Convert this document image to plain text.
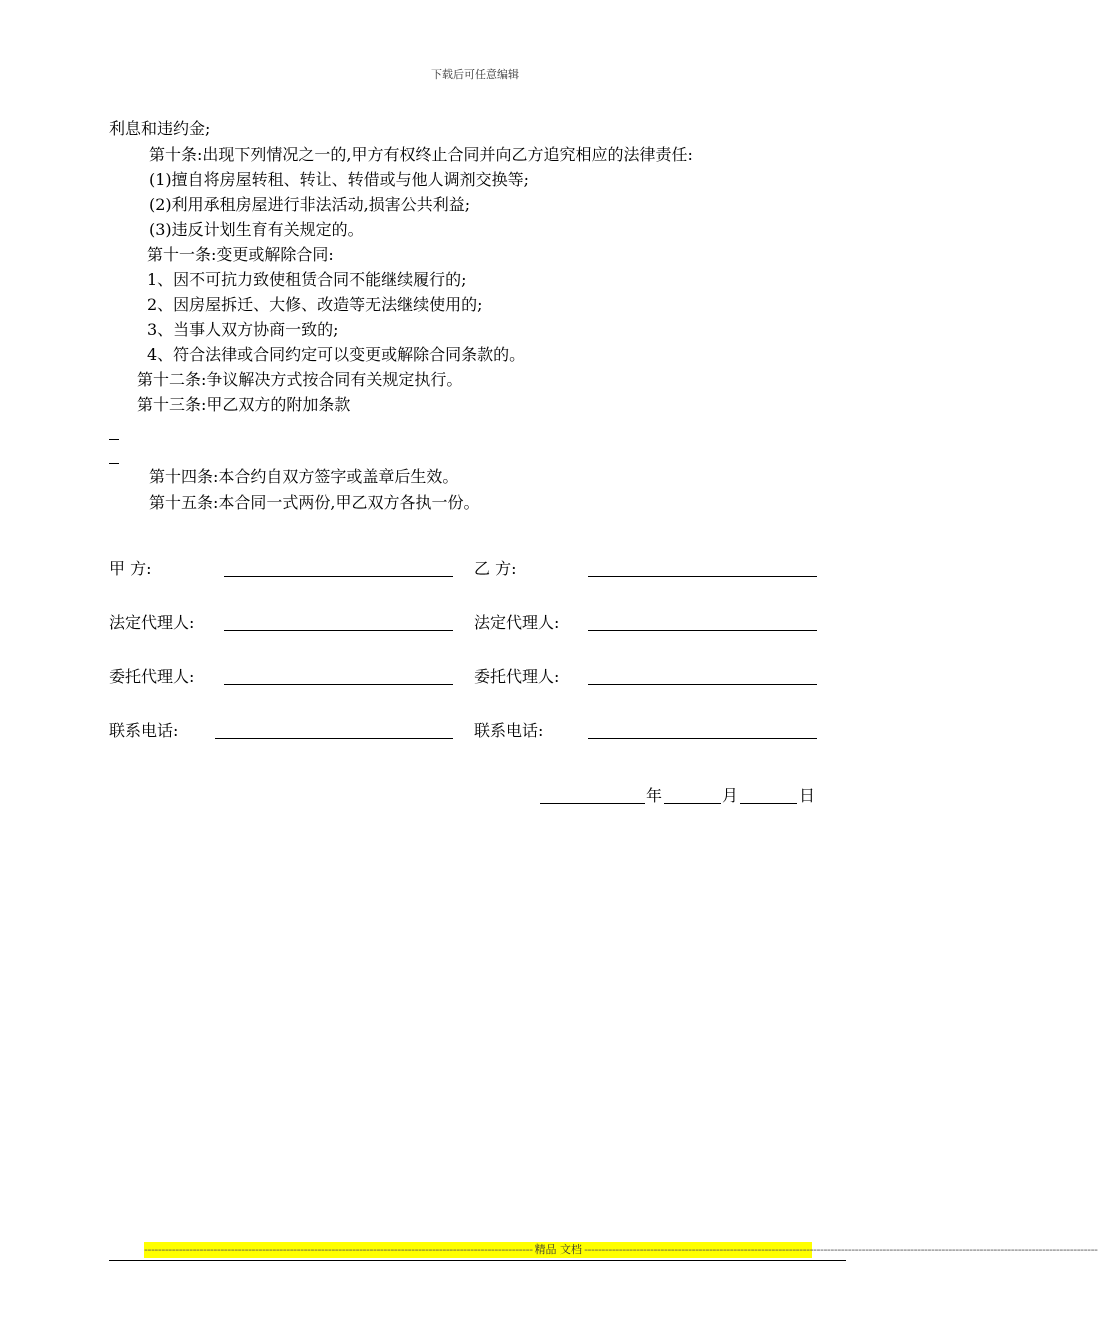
下载后可任意编辑
利息和违约金;
第十条:出现下列情况之一的,甲方有权终止合同并向乙方追究相应的法律责任:
(1)擅自将房屋转租、转让、转借或与他人调剂交换等;
(2)利用承租房屋进行非法活动,损害公共利益;
(3)违反计划生育有关规定的。
第十一条:变更或解除合同:
1、因不可抗力致使租赁合同不能继续履行的;
2、因房屋拆迁、大修、改造等无法继续使用的;
3、当事人双方协商一致的;
4、符合法律或合同约定可以变更或解除合同条款的。
第十二条:争议解决方式按合同有关规定执行。
第十三条:甲乙双方的附加条款
第十四条:本合约自双方签字或盖章后生效。
第十五条:本合同一式两份,甲乙双方各执一份。
甲 方:
法定代理人:
委托代理人:
联系电话:
乙 方:
法定代理人:
委托代理人:
联系电话:
年	月	日
---------------------------------------------------------------------------------------------------------------- 精品 文档 ----------------------------------------------------------------------------------------------------------------------------------------------------
